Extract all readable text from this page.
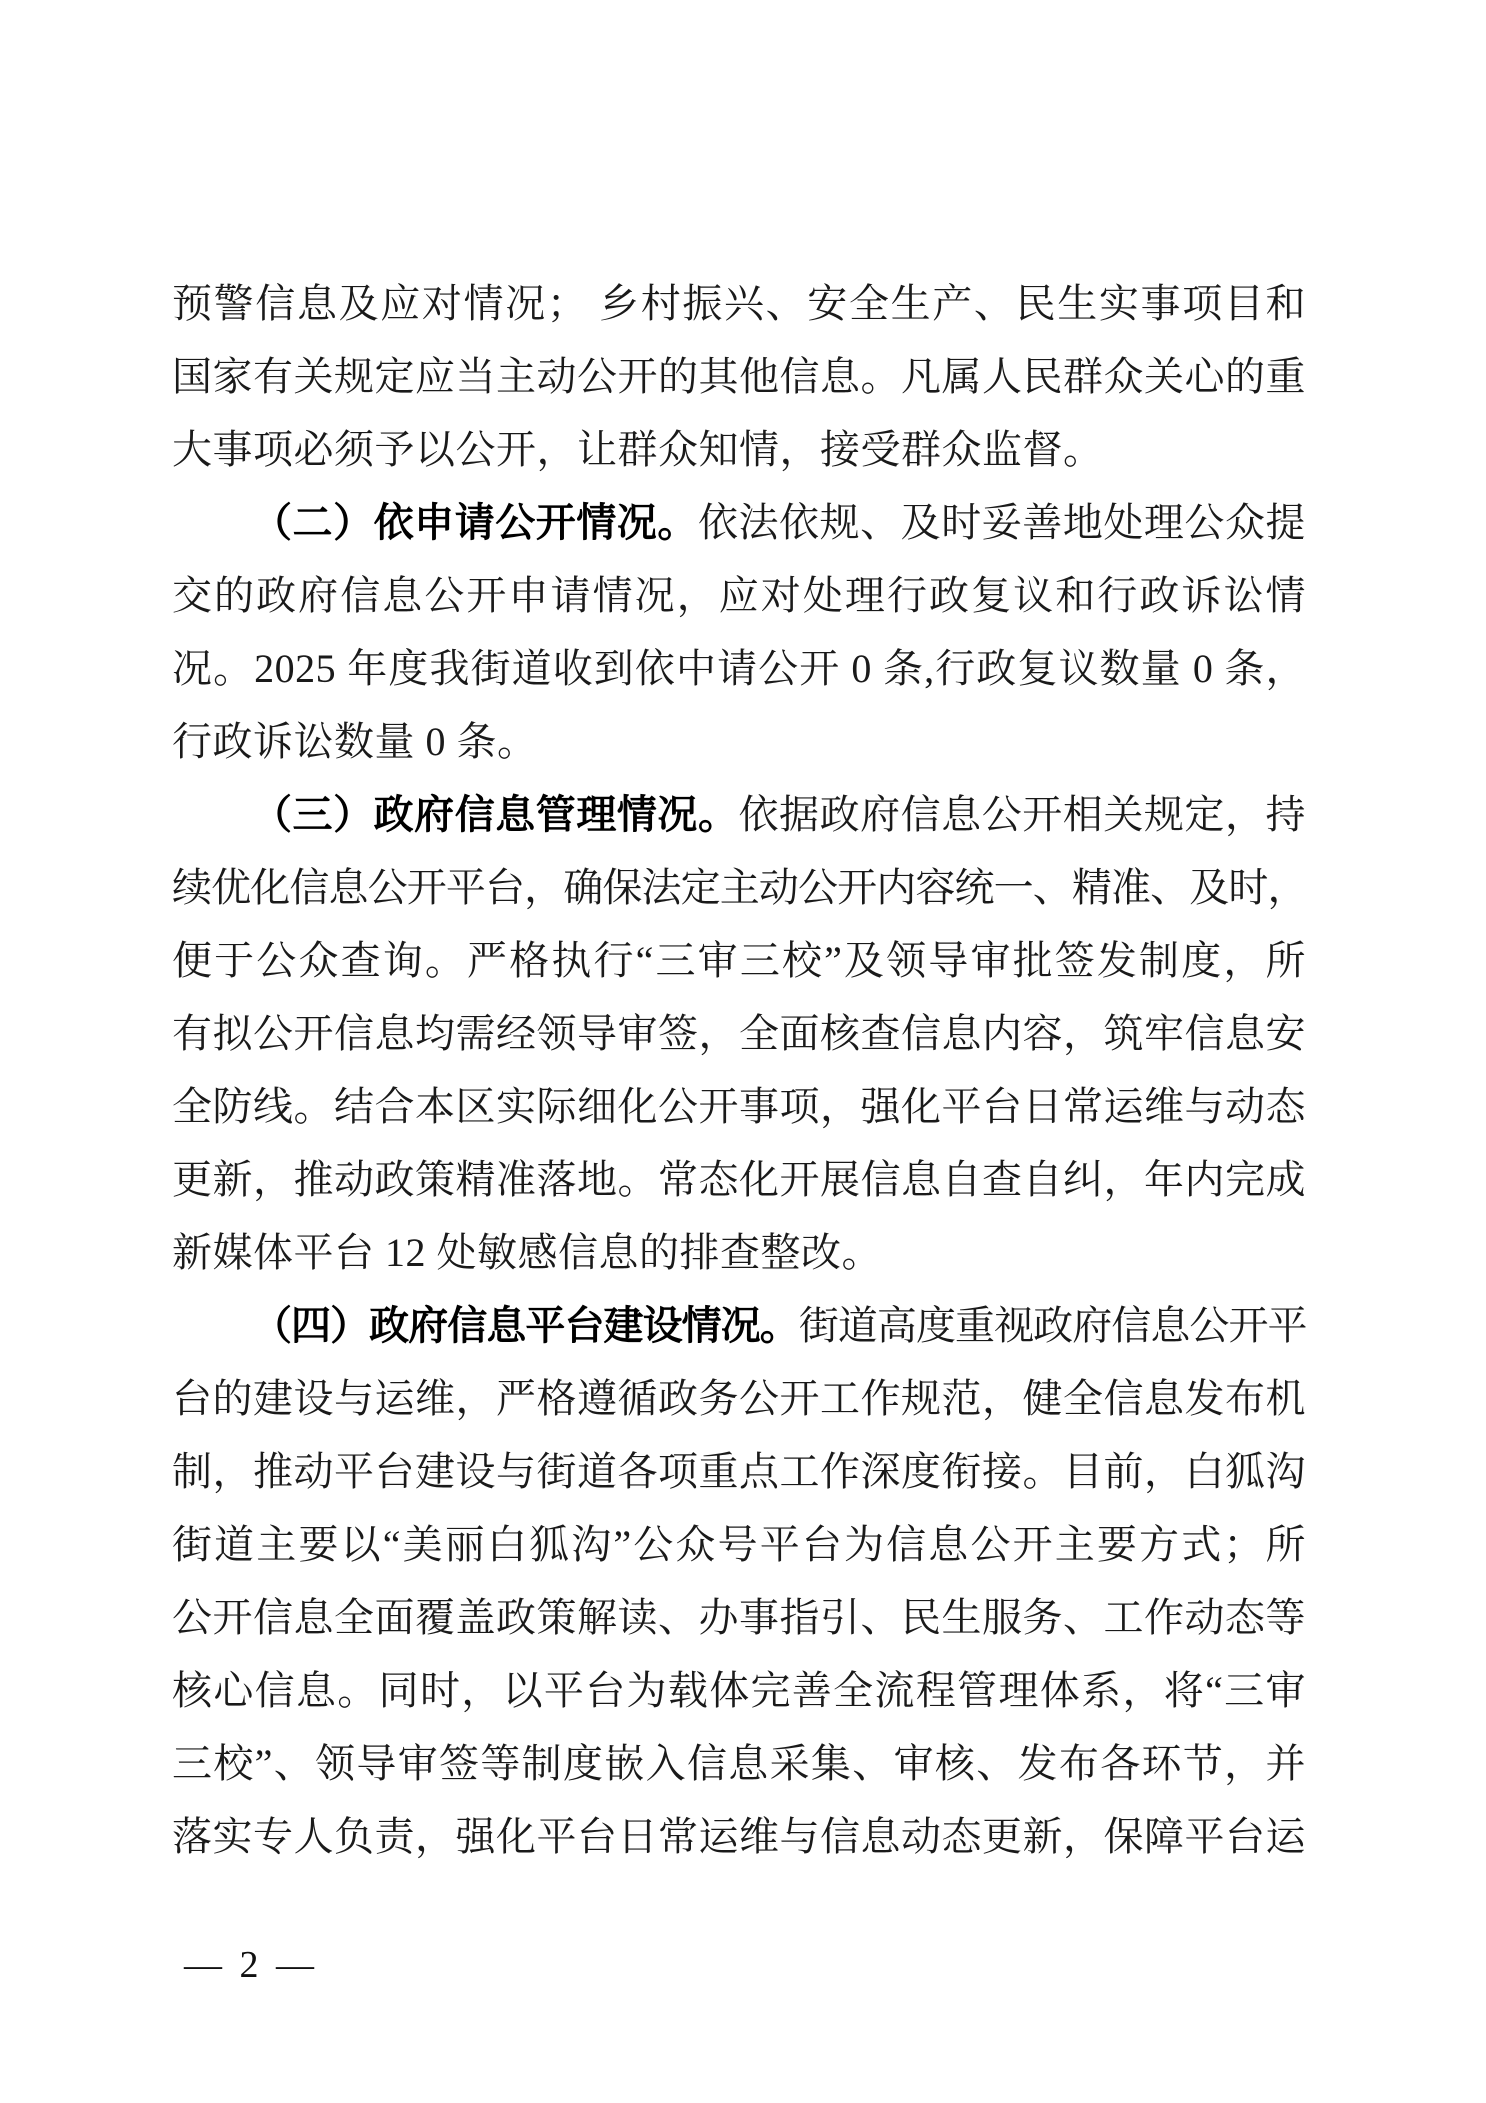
预警信息及应对情况； 乡村振兴、安全生产、民生实事项目和
国家有关规定应当主动公开的其他信息。凡属人民群众关心的重
大事项必须予以公开，让群众知情，接受群众监督。
（二）依申请公开情况。依法依规、及时妥善地处理公众提
交的政府信息公开申请情况，应对处理行政复议和行政诉讼情
况。2025 年度我街道收到依中请公开 0 条,行政复议数量 0 条，
行政诉讼数量 0 条。
（三）政府信息管理情况。依据政府信息公开相关规定，持
续优化信息公开平台，确保法定主动公开内容统一、精准、及时，
便于公众查询。严格执行“三审三校”及领导审批签发制度，所
有拟公开信息均需经领导审签，全面核查信息内容，筑牢信息安
全防线。结合本区实际细化公开事项，强化平台日常运维与动态
更新，推动政策精准落地。常态化开展信息自查自纠，年内完成
新媒体平台 12 处敏感信息的排查整改。
（四）政府信息平台建设情况。街道高度重视政府信息公开平
台的建设与运维，严格遵循政务公开工作规范，健全信息发布机
制，推动平台建设与街道各项重点工作深度衔接。目前，白狐沟
街道主要以“美丽白狐沟”公众号平台为信息公开主要方式；所
公开信息全面覆盖政策解读、办事指引、民生服务、工作动态等
核心信息。同时，以平台为载体完善全流程管理体系，将“三审
三校”、领导审签等制度嵌入信息采集、审核、发布各环节，并
落实专人负责，强化平台日常运维与信息动态更新，保障平台运
— 2 —
